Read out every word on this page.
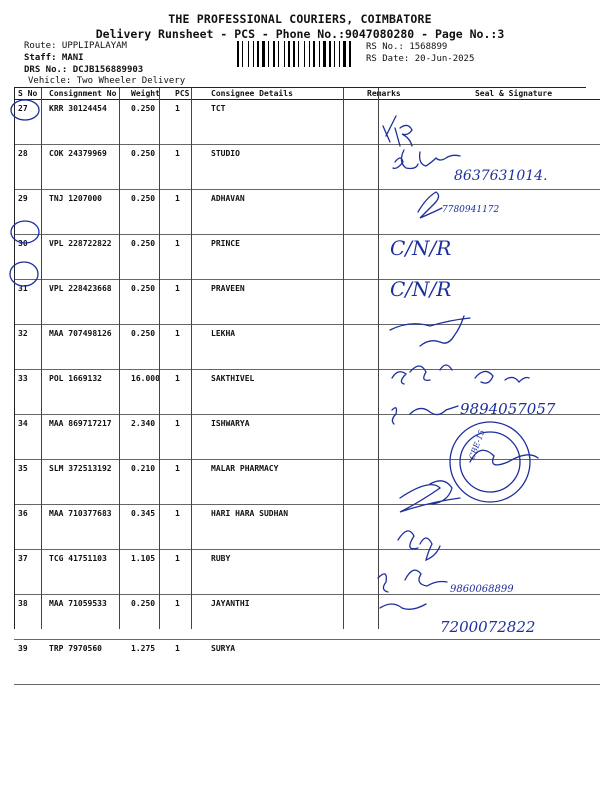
THE PROFESSIONAL COURIERS, COIMBATORE
Delivery Runsheet - PCS - Phone No.:9047080280 - Page No.:3
Route: UPPLIPALAYAM
Staff: MANI
DRS No.: DCJB156889903
Vehicle: Two Wheeler Delivery
RS No.: 1568899
RS Date: 20-Jun-2025
S No	Consignment No	Weight	PCS	Consignee Details	Remarks	Seal & Signature
27	KRR 30124454	0.250	1	TCT		
28	COK 24379969	0.250	1	STUDIO		
29	TNJ 1207000	0.250	1	ADHAVAN		
30	VPL 228722822	0.250	1	PRINCE		
31	VPL 228423668	0.250	1	PRAVEEN		
32	MAA 707498126	0.250	1	LEKHA		
33	POL 1669132	16.000	1	SAKTHIVEL		
34	MAA 869717217	2.340	1	ISHWARYA		
35	SLM 372513192	0.210	1	MALAR PHARMACY		
36	MAA 710377683	0.345	1	HARI HARA SUDHAN		
37	TCG 41751103	1.105	1	RUBY		
38	MAA 71059533	0.250	1	JAYANTHI		
39	TRP 7970560	1.275	1	SURYA		
8637631014.
7780941172
C/N/R
C/N/R
9894057057
9860068899
7200072822
CBE-15
